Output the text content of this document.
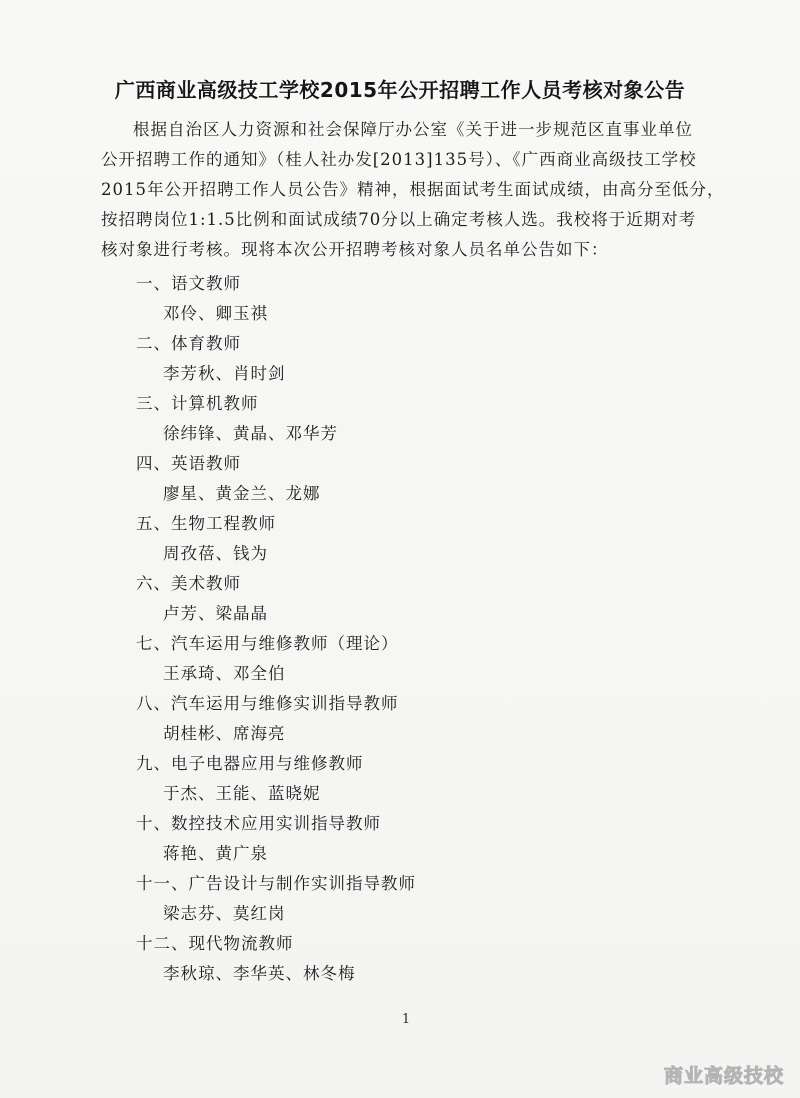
广西商业高级技工学校2015年公开招聘工作人员考核对象公告
根据自治区人力资源和社会保障厅办公室《关于进一步规范区直事业单位
公开招聘工作的通知》（桂人社办发[2013]135号）、《广西商业高级技工学校
2015年公开招聘工作人员公告》精神，根据面试考生面试成绩，由高分至低分，
按招聘岗位1:1.5比例和面试成绩70分以上确定考核人选。我校将于近期对考
核对象进行考核。现将本次公开招聘考核对象人员名单公告如下：
一、语文教师
邓伶、卿玉祺
二、体育教师
李芳秋、肖时剑
三、计算机教师
徐纬锋、黄晶、邓华芳
四、英语教师
廖星、黄金兰、龙娜
五、生物工程教师
周孜蓓、钱为
六、美术教师
卢芳、梁晶晶
七、汽车运用与维修教师（理论）
王承琦、邓全伯
八、汽车运用与维修实训指导教师
胡桂彬、席海亮
九、电子电器应用与维修教师
于杰、王能、蓝晓妮
十、数控技术应用实训指导教师
蒋艳、黄广泉
十一、广告设计与制作实训指导教师
梁志芬、莫红岗
十二、现代物流教师
李秋琼、李华英、林冬梅
1
商业高级技校
